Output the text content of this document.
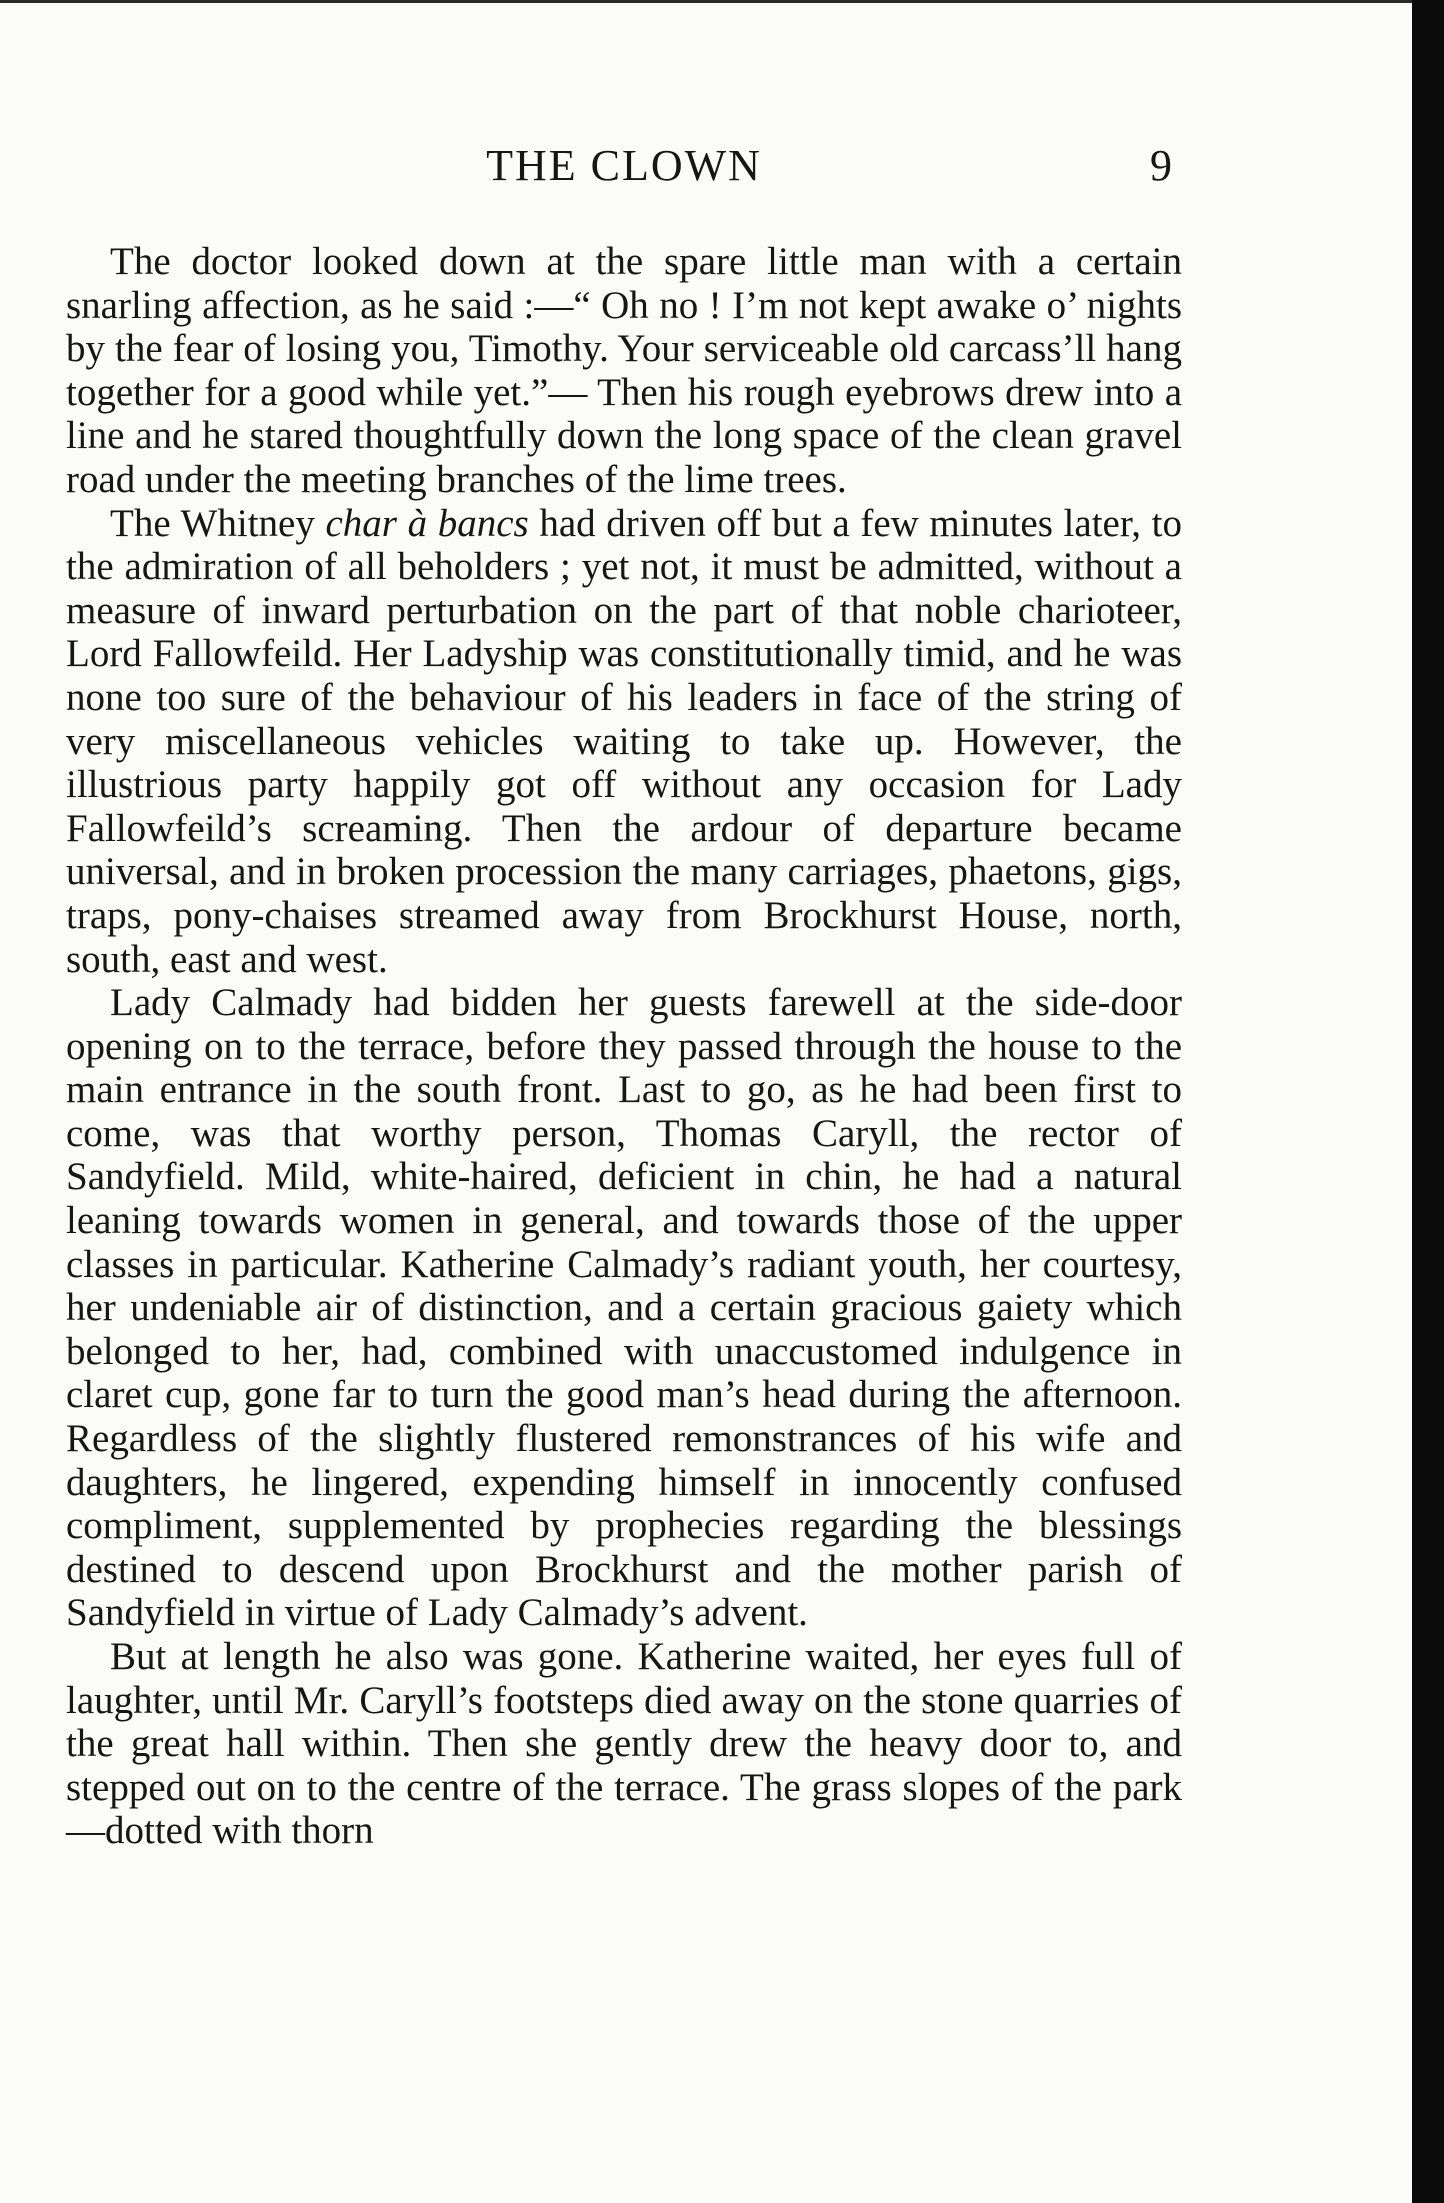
THE CLOWN	9

The doctor looked down at the spare little man with a certain snarling affection, as he said :—“ Oh no ! I’m not kept awake o’ nights by the fear of losing you, Timothy. Your serviceable old carcass’ll hang together for a good while yet.”— Then his rough eyebrows drew into a line and he stared thoughtfully down the long space of the clean gravel road under the meeting branches of the lime trees.

The Whitney char à bancs had driven off but a few minutes later, to the admiration of all beholders ; yet not, it must be admitted, without a measure of inward perturbation on the part of that noble charioteer, Lord Fallowfeild. Her Ladyship was constitutionally timid, and he was none too sure of the behaviour of his leaders in face of the string of very miscellaneous vehicles waiting to take up. However, the illustrious party happily got off without any occasion for Lady Fallowfeild’s screaming. Then the ardour of departure became universal, and in broken procession the many carriages, phaetons, gigs, traps, pony-chaises streamed away from Brockhurst House, north, south, east and west.

Lady Calmady had bidden her guests farewell at the side-door opening on to the terrace, before they passed through the house to the main entrance in the south front. Last to go, as he had been first to come, was that worthy person, Thomas Caryll, the rector of Sandyfield. Mild, white-haired, deficient in chin, he had a natural leaning towards women in general, and towards those of the upper classes in particular. Katherine Calmady’s radiant youth, her courtesy, her undeniable air of distinction, and a certain gracious gaiety which belonged to her, had, combined with unaccustomed indulgence in claret cup, gone far to turn the good man’s head during the afternoon. Regardless of the slightly flustered remonstrances of his wife and daughters, he lingered, expending himself in innocently confused compliment, supplemented by prophecies regarding the blessings destined to descend upon Brockhurst and the mother parish of Sandyfield in virtue of Lady Calmady’s advent.

But at length he also was gone. Katherine waited, her eyes full of laughter, until Mr. Caryll’s footsteps died away on the stone quarries of the great hall within. Then she gently drew the heavy door to, and stepped out on to the centre of the terrace. The grass slopes of the park—dotted with thorn
